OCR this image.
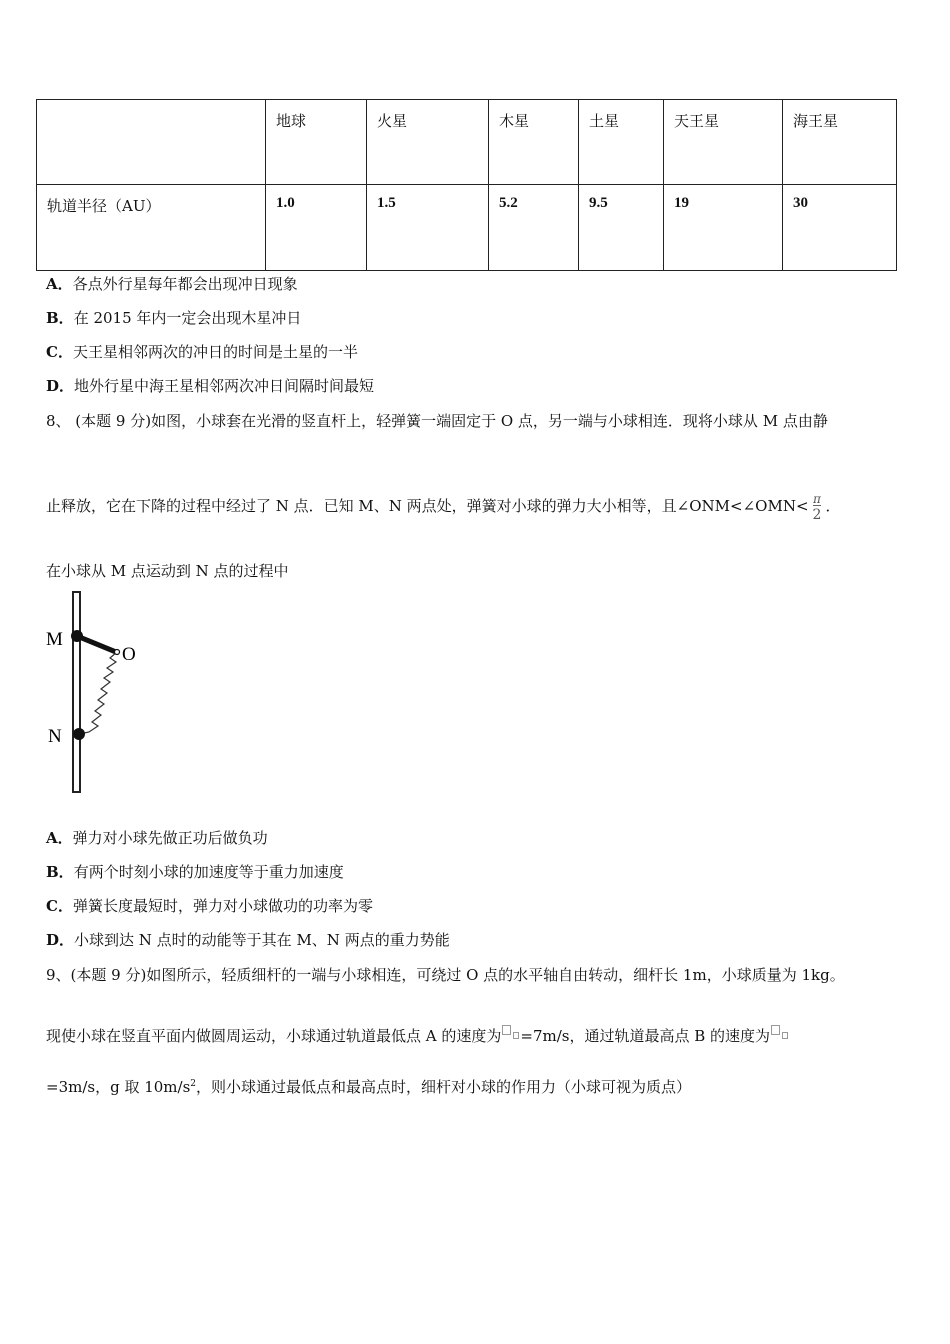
	地球	火星	木星	土星	天王星	海王星
轨道半径（AU）	1.0	1.5	5.2	9.5	19	30
A．各点外行星每年都会出现冲日现象
B．在 2015 年内一定会出现木星冲日
C．天王星相邻两次的冲日的时间是土星的一半
D．地外行星中海王星相邻两次冲日间隔时间最短
8、 (本题 9 分)如图，小球套在光滑的竖直杆上，轻弹簧一端固定于 O 点，另一端与小球相连．现将小球从 M 点由静
止释放，它在下降的过程中经过了 N 点．已知 M、N 两点处，弹簧对小球的弹力大小相等，且∠ONM<∠OMN< $\frac{\pi}{2}$ ．
在小球从 M 点运动到 N 点的过程中
M
O
N
A．弹力对小球先做正功后做负功
B．有两个时刻小球的加速度等于重力加速度
C．弹簧长度最短时，弹力对小球做功的功率为零
D．小球到达 N 点时的动能等于其在 M、N 两点的重力势能
9、(本题 9 分)如图所示，轻质细杆的一端与小球相连，可绕过 O 点的水平轴自由转动，细杆长 1m，小球质量为 1kg。
现使小球在竖直平面内做圆周运动，小球通过轨道最低点 A 的速度为 =7m/s，通过轨道最高点 B 的速度为
=3m/s，g 取 $10m/s^2$，则小球通过最低点和最高点时，细杆对小球的作用力（小球可视为质点）
